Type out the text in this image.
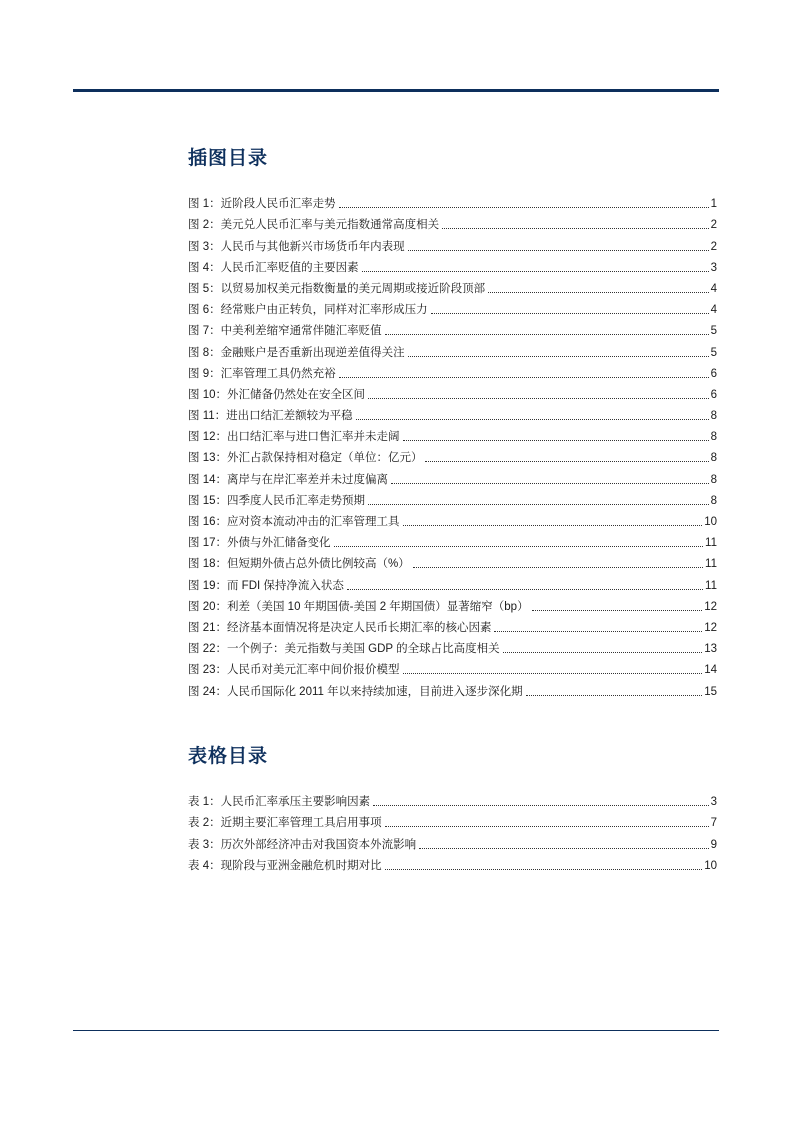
插图目录
图 1：近阶段人民币汇率走势	1
图 2：美元兑人民币汇率与美元指数通常高度相关	2
图 3：人民币与其他新兴市场货币年内表现	2
图 4：人民币汇率贬值的主要因素	3
图 5：以贸易加权美元指数衡量的美元周期或接近阶段顶部	4
图 6：经常账户由正转负，同样对汇率形成压力	4
图 7：中美利差缩窄通常伴随汇率贬值	5
图 8：金融账户是否重新出现逆差值得关注	5
图 9：汇率管理工具仍然充裕	6
图 10：外汇储备仍然处在安全区间	6
图 11：进出口结汇差额较为平稳	8
图 12：出口结汇率与进口售汇率并未走阔	8
图 13：外汇占款保持相对稳定（单位：亿元）	8
图 14：离岸与在岸汇率差并未过度偏离	8
图 15：四季度人民币汇率走势预期	8
图 16：应对资本流动冲击的汇率管理工具	10
图 17：外债与外汇储备变化	11
图 18：但短期外债占总外债比例较高（%）	11
图 19：而 FDI 保持净流入状态	11
图 20：利差（美国 10 年期国债-美国 2 年期国债）显著缩窄（bp）	12
图 21：经济基本面情况将是决定人民币长期汇率的核心因素	12
图 22：一个例子：美元指数与美国 GDP 的全球占比高度相关	13
图 23：人民币对美元汇率中间价报价模型	14
图 24：人民币国际化 2011 年以来持续加速，目前进入逐步深化期	15
表格目录
表 1：人民币汇率承压主要影响因素	3
表 2：近期主要汇率管理工具启用事项	7
表 3：历次外部经济冲击对我国资本外流影响	9
表 4：现阶段与亚洲金融危机时期对比	10
